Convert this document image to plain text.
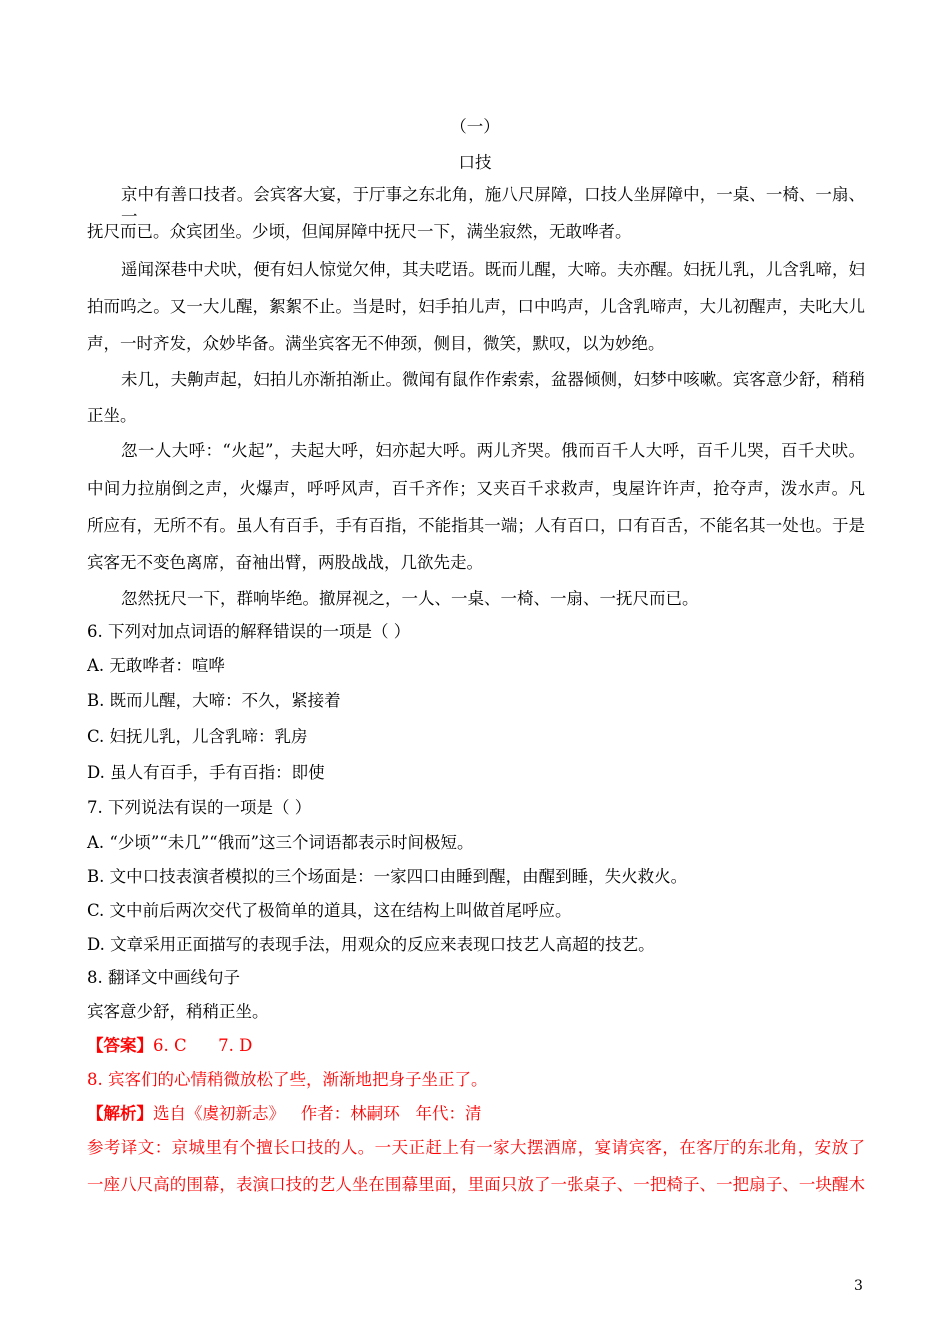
（一）
口技
京中有善口技者。会宾客大宴，于厅事之东北角，施八尺屏障，口技人坐屏障中，一桌、一椅、一扇、一
抚尺而已。众宾团坐。少顷，但闻屏障中抚尺一下，满坐寂然，无敢哗者。
遥闻深巷中犬吠，便有妇人惊觉欠伸，其夫呓语。既而儿醒，大啼。夫亦醒。妇抚儿乳，儿含乳啼，妇
拍而呜之。又一大儿醒，絮絮不止。当是时，妇手拍儿声，口中呜声，儿含乳啼声，大儿初醒声，夫叱大儿
声，一时齐发，众妙毕备。满坐宾客无不伸颈，侧目，微笑，默叹，以为妙绝。
未几，夫齁声起，妇拍儿亦渐拍渐止。微闻有鼠作作索索，盆器倾侧，妇梦中咳嗽。宾客意少舒，稍稍
正坐。
忽一人大呼：“火起”，夫起大呼，妇亦起大呼。两儿齐哭。俄而百千人大呼，百千儿哭，百千犬吠。
中间力拉崩倒之声，火爆声，呼呼风声，百千齐作；又夹百千求救声，曳屋许许声，抢夺声，泼水声。凡
所应有，无所不有。虽人有百手，手有百指，不能指其一端；人有百口，口有百舌，不能名其一处也。于是
宾客无不变色离席，奋袖出臂，两股战战，几欲先走。
忽然抚尺一下，群响毕绝。撤屏视之，一人、一桌、一椅、一扇、一抚尺而已。
6. 下列对加点词语的解释错误的一项是（ ）
A. 无敢哗者：喧哗
B. 既而儿醒，大啼：不久，紧接着
C. 妇抚儿乳，儿含乳啼：乳房
D. 虽人有百手，手有百指：即使
7. 下列说法有误的一项是（ ）
A. “少顷”“未几”“俄而”这三个词语都表示时间极短。
B. 文中口技表演者模拟的三个场面是：一家四口由睡到醒，由醒到睡，失火救火。
C. 文中前后两次交代了极简单的道具，这在结构上叫做首尾呼应。
D. 文章采用正面描写的表现手法，用观众的反应来表现口技艺人高超的技艺。
8. 翻译文中画线句子
宾客意少舒，稍稍正坐。
【答案】6. C      7. D
8. 宾客们的心情稍微放松了些，渐渐地把身子坐正了。
【解析】选自《虞初新志》   作者：林嗣环   年代：清
参考译文：京城里有个擅长口技的人。一天正赶上有一家大摆酒席，宴请宾客，在客厅的东北角，安放了
一座八尺高的围幕，表演口技的艺人坐在围幕里面，里面只放了一张桌子、一把椅子、一把扇子、一块醒木
3
